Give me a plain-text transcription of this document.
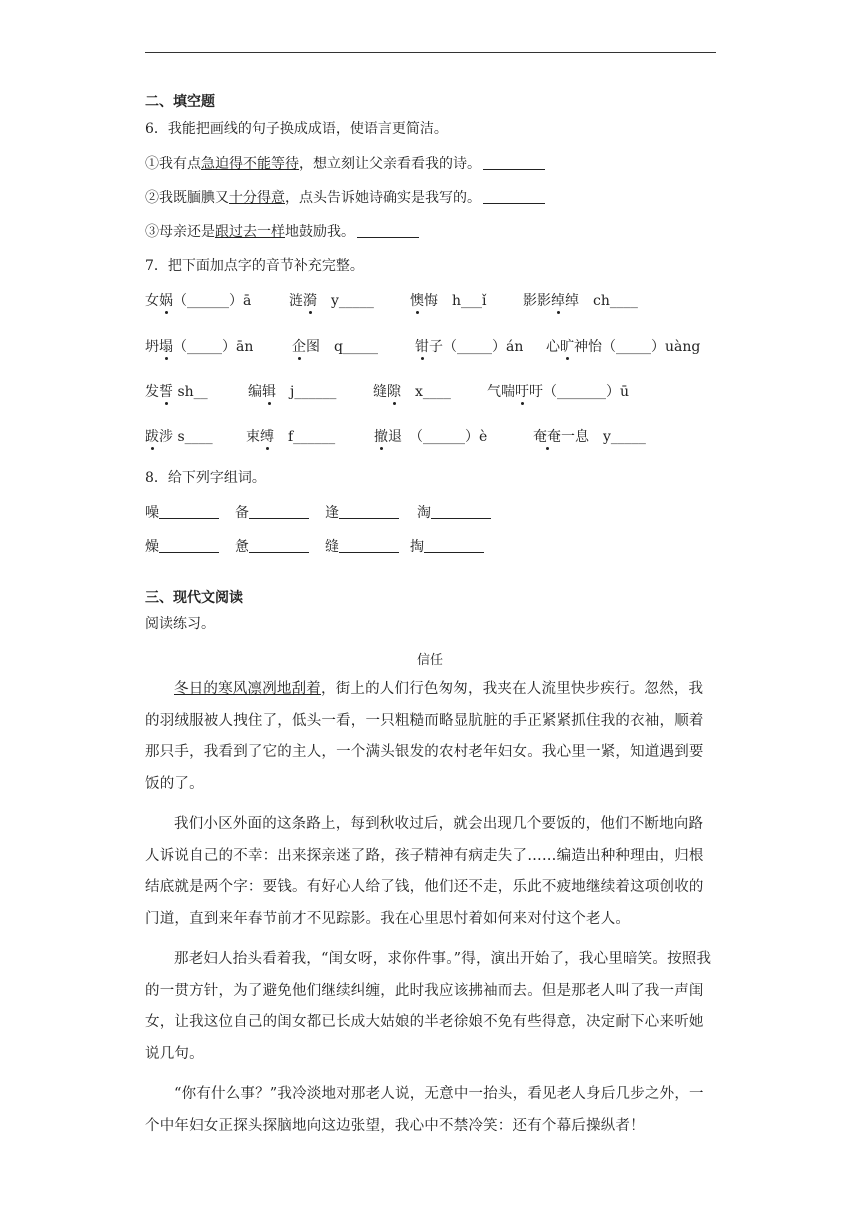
二、填空题
6．我能把画线的句子换成成语，使语言更简洁。
①我有点急迫得不能等待，想立刻让父亲看看我的诗。
②我既腼腆又十分得意，点头告诉她诗确实是我写的。
③母亲还是跟过去一样地鼓励我。
7．把下面加点字的音节补充完整。
女娲（______）ā	涟漪　y_____	懊悔　h___ǐ	影影绰绰　ch____
坍塌（_____）ān	企图　q_____	钳子（_____）án 心旷神怡（_____）uàng
发誓 sh__	编辑　j______	缝隙　x____	气喘吁吁（_______）ū
跋涉 s____ 束缚　f______	撤退　（______）è	奄奄一息　y_____
8．给下列字组词。
噪	备	逢	淘
燥	惫	缝	掏
三、现代文阅读
阅读练习。
信任

冬日的寒风凛冽地刮着，街上的人们行色匆匆，我夹在人流里快步疾行。忽然，我的羽绒服被人拽住了，低头一看，一只粗糙而略显肮脏的手正紧紧抓住我的衣袖，顺着那只手，我看到了它的主人，一个满头银发的农村老年妇女。我心里一紧，知道遇到要饭的了。

我们小区外面的这条路上，每到秋收过后，就会出现几个要饭的，他们不断地向路人诉说自己的不幸：出来探亲迷了路，孩子精神有病走失了……编造出种种理由，归根结底就是两个字：要钱。有好心人给了钱，他们还不走，乐此不疲地继续着这项创收的门道，直到来年春节前才不见踪影。我在心里思忖着如何来对付这个老人。

那老妇人抬头看着我，“闺女呀，求你件事。”得，演出开始了，我心里暗笑。按照我的一贯方针，为了避免他们继续纠缠，此时我应该拂袖而去。但是那老人叫了我一声闺女，让我这位自己的闺女都已长成大姑娘的半老徐娘不免有些得意，决定耐下心来听她说几句。

“你有什么事？”我冷淡地对那老人说，无意中一抬头，看见老人身后几步之外，一个中年妇女正探头探脑地向这边张望，我心中不禁冷笑：还有个幕后操纵者！
